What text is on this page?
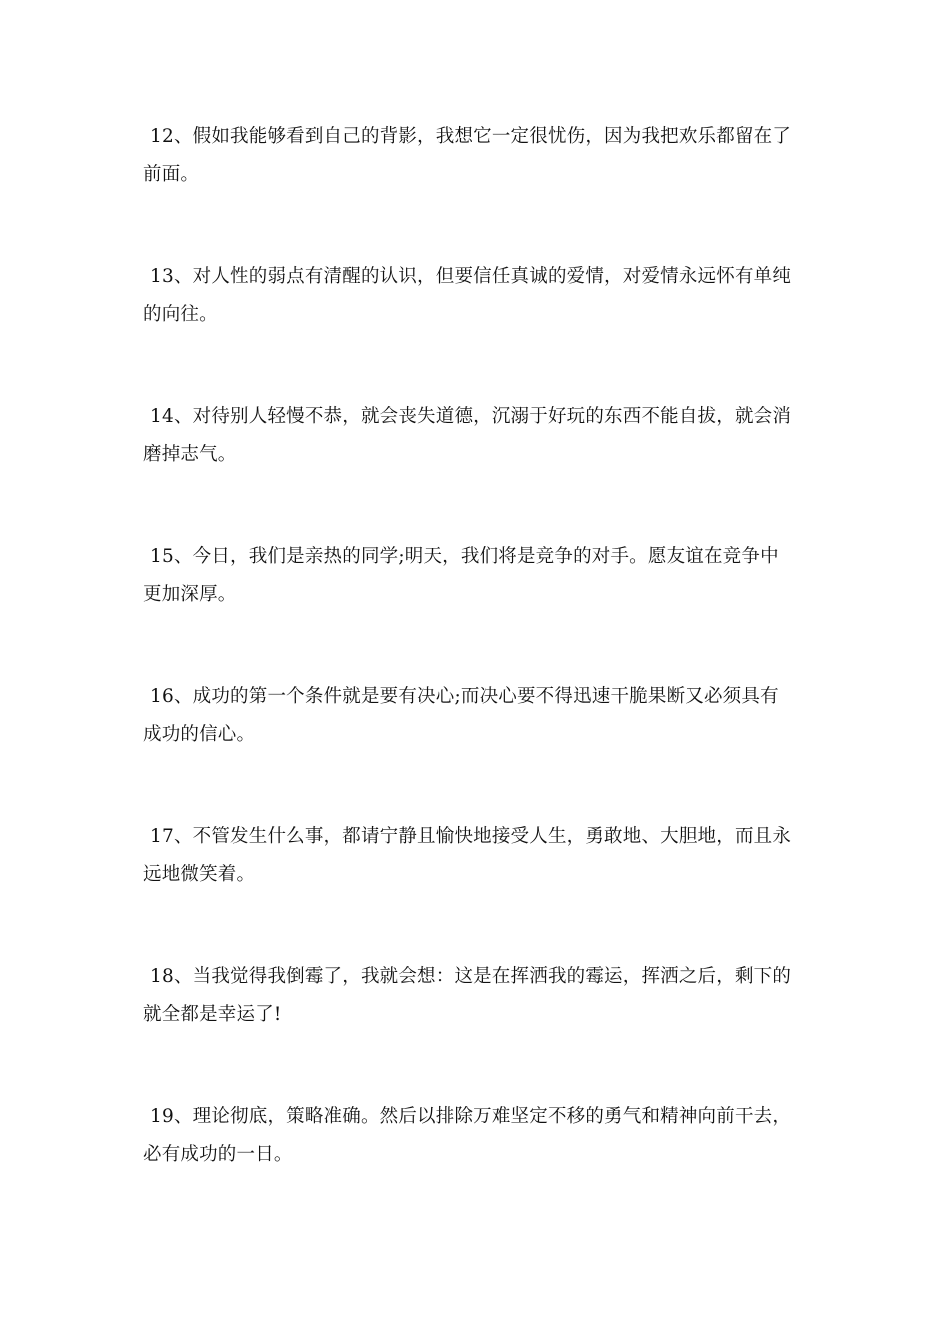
12、假如我能够看到自己的背影，我想它一定很忧伤，因为我把欢乐都留在了
前面。
13、对人性的弱点有清醒的认识，但要信任真诚的爱情，对爱情永远怀有单纯
的向往。
14、对待别人轻慢不恭，就会丧失道德，沉溺于好玩的东西不能自拔，就会消
磨掉志气。
15、今日，我们是亲热的同学;明天，我们将是竞争的对手。愿友谊在竞争中
更加深厚。
16、成功的第一个条件就是要有决心;而决心要不得迅速干脆果断又必须具有
成功的信心。
17、不管发生什么事，都请宁静且愉快地接受人生，勇敢地、大胆地，而且永
远地微笑着。
18、当我觉得我倒霉了，我就会想：这是在挥洒我的霉运，挥洒之后，剩下的
就全都是幸运了!
19、理论彻底，策略准确。然后以排除万难坚定不移的勇气和精神向前干去，
必有成功的一日。
